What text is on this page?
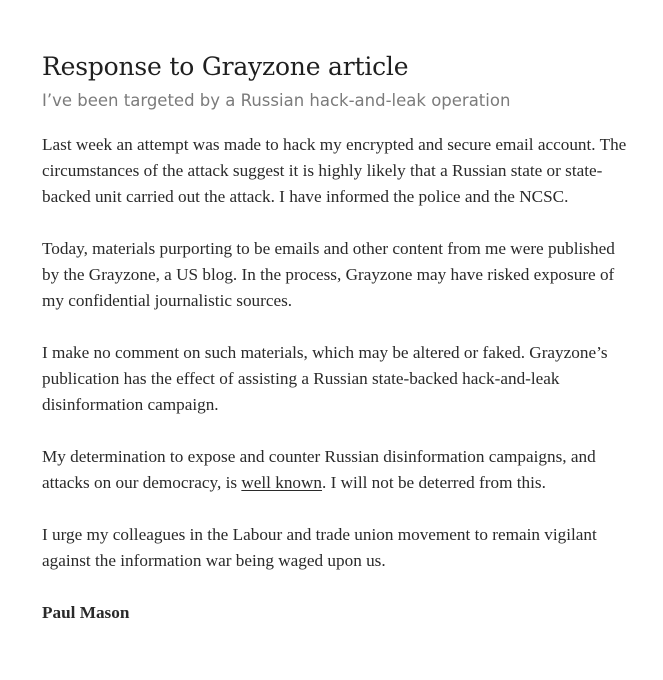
Response to Grayzone article

I’ve been targeted by a Russian hack-and-leak operation

Last week an attempt was made to hack my encrypted and secure email account. The circumstances of the attack suggest it is highly likely that a Russian state or state-backed unit carried out the attack. I have informed the police and the NCSC.

Today, materials purporting to be emails and other content from me were published by the Grayzone, a US blog. In the process, Grayzone may have risked exposure of my confidential journalistic sources.

I make no comment on such materials, which may be altered or faked. Grayzone’s publication has the effect of assisting a Russian state-backed hack-and-leak disinformation campaign.

My determination to expose and counter Russian disinformation campaigns, and attacks on our democracy, is well known. I will not be deterred from this.

I urge my colleagues in the Labour and trade union movement to remain vigilant against the information war being waged upon us.

Paul Mason
